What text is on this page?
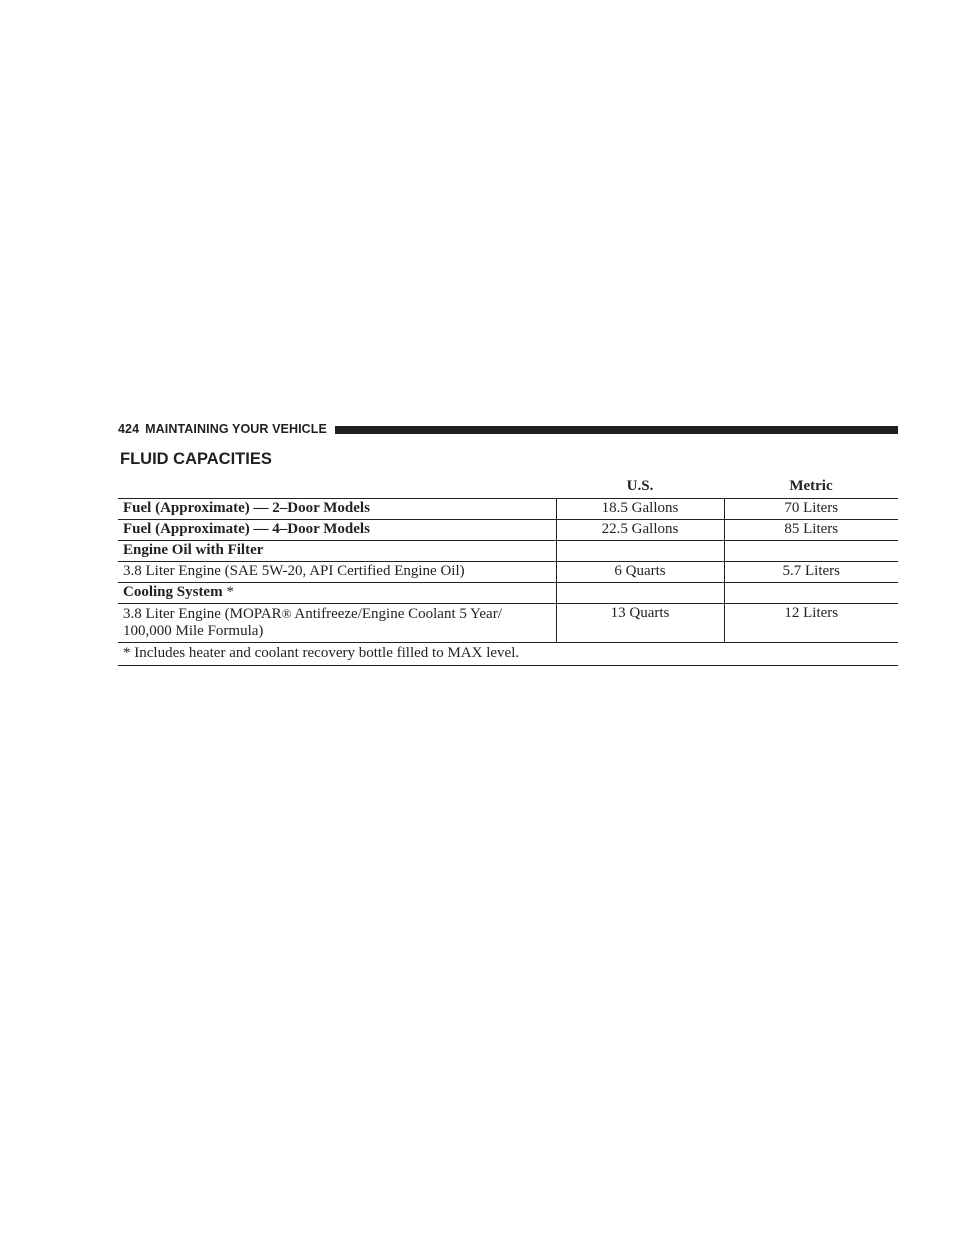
424 MAINTAINING YOUR VEHICLE
FLUID CAPACITIES
	U.S.	Metric
Fuel (Approximate) — 2–Door Models	18.5 Gallons	70 Liters
Fuel (Approximate) — 4–Door Models	22.5 Gallons	85 Liters
Engine Oil with Filter		
3.8 Liter Engine (SAE 5W-20, API Certified Engine Oil)	6 Quarts	5.7 Liters
Cooling System *		
3.8 Liter Engine (MOPAR® Antifreeze/Engine Coolant 5 Year/
100,000 Mile Formula)	13 Quarts	12 Liters
* Includes heater and coolant recovery bottle filled to MAX level.		
